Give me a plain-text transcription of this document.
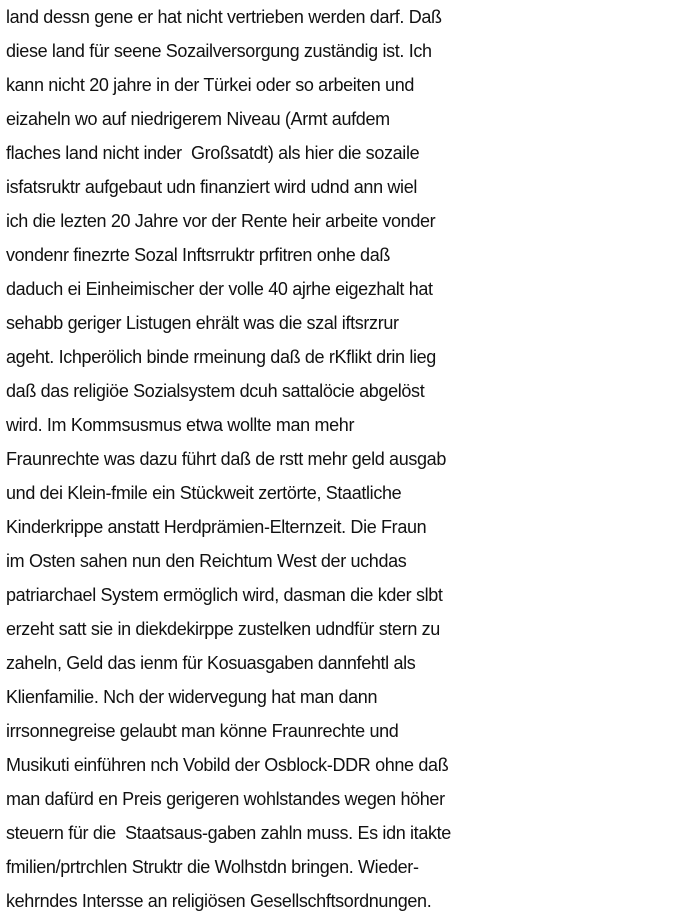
land dessn gene er hat nicht vertrieben werden darf. Daß
diese land für seene Sozailversorgung zuständig ist. Ich
kann nicht 20 jahre in der Türkei oder so arbeiten und
eizaheln wo auf niedrigerem Niveau (Armt aufdem
flaches land nicht inder  Großsatdt) als hier die sozaile
isfatsruktr aufgebaut udn finanziert wird udnd ann wiel
ich die lezten 20 Jahre vor der Rente heir arbeite vonder
vondenr finezrte Sozal Inftsrruktr prfitren onhe daß
daduch ei Einheimischer der volle 40 ajrhe eigezhalt hat
sehabb geriger Listugen ehrält was die szal iftsrzrur
ageht. Ichperölich binde rmeinung daß de rKflikt drin lieg
daß das religiöe Sozialsystem dcuh sattalöcie abgelöst
wird. Im Kommsusmus etwa wollte man mehr
Fraunrechte was dazu führt daß de rstt mehr geld ausgab
und dei Klein-fmile ein Stückweit zertörte, Staatliche
Kinderkrippe anstatt Herdprämien-Elternzeit. Die Fraun
im Osten sahen nun den Reichtum West der uchdas
patriarchael System ermöglich wird, dasman die kder slbt
erzeht satt sie in diekdekirppe zustelken udndfür stern zu
zaheln, Geld das ienm für Kosuasgaben dannfehtl als
Klienfamilie. Nch der widervegung hat man dann
irrsonnegreise gelaubt man könne Fraunrechte und
Musikuti einführen nch Vobild der Osblock-DDR ohne daß
man dafürd en Preis gerigeren wohlstandes wegen höher
steuern für die  Staatsaus-gaben zahln muss. Es idn itakte
fmilien/prtrchlen Struktr die Wolhstdn bringen. Wieder-
kehrndes Intersse an religiösen Gesellschftsordnungen.
